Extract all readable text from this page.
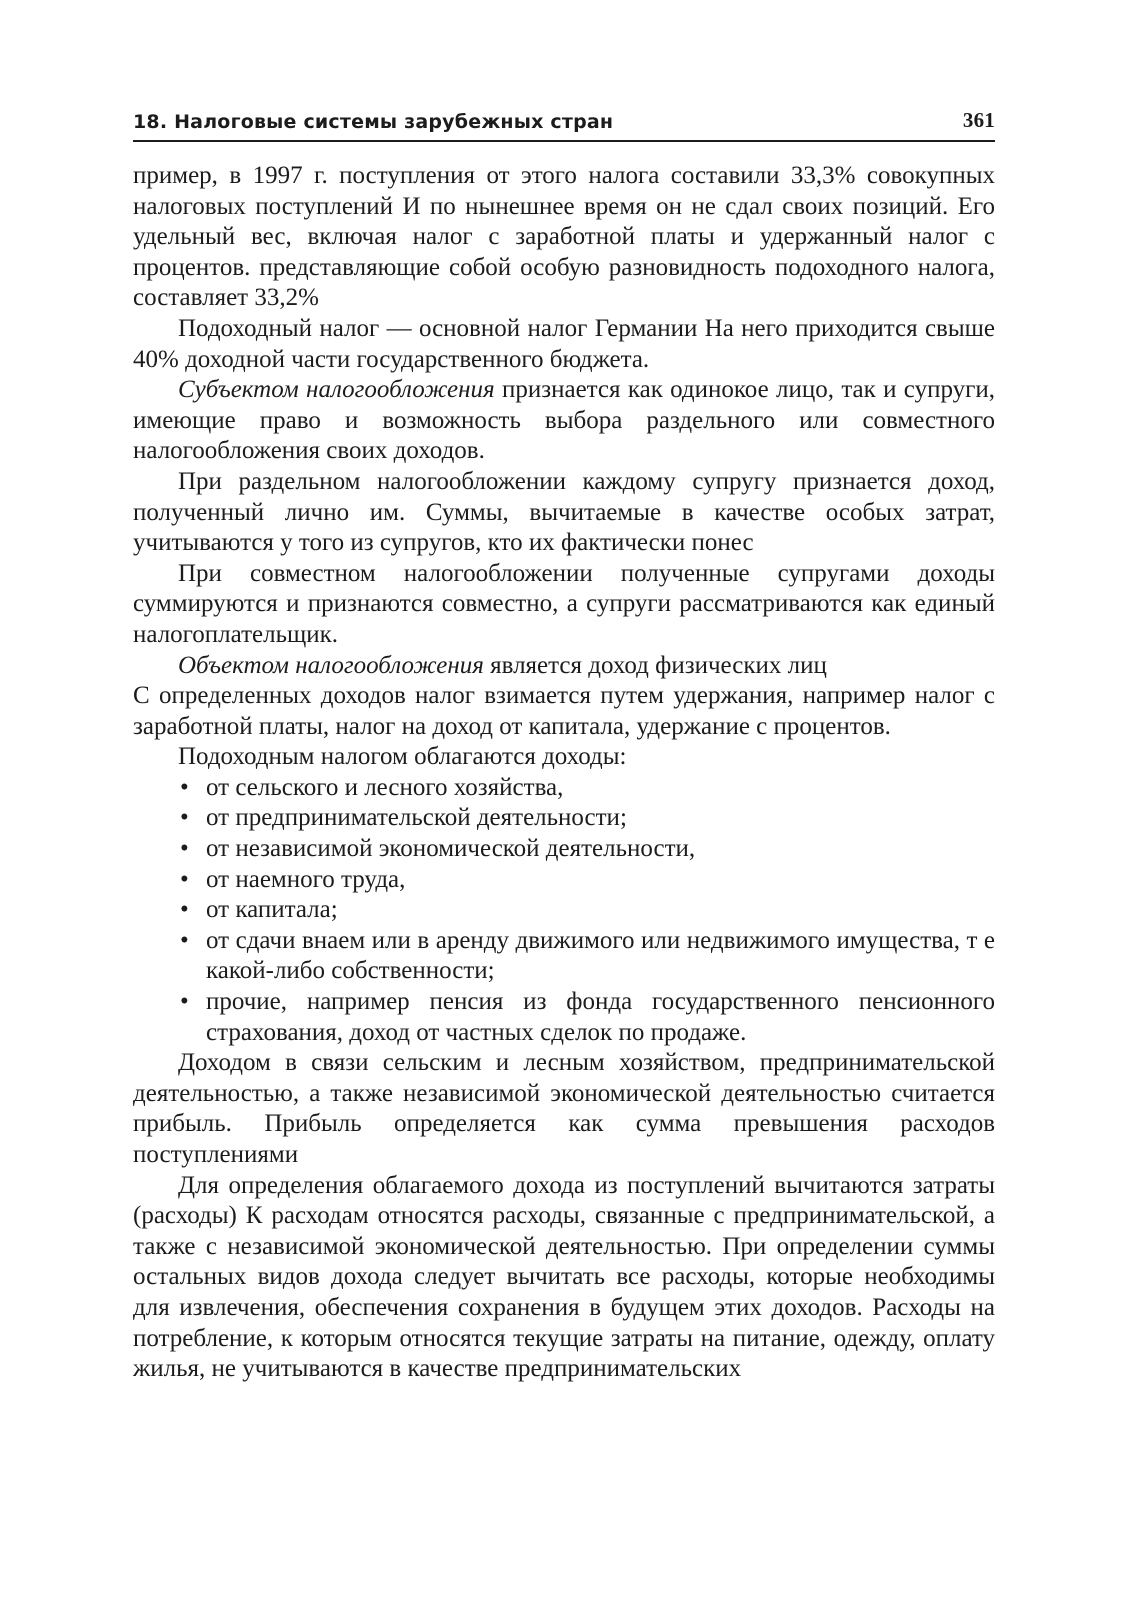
18. Налоговые системы зарубежных стран	361

пример, в 1997 г. поступления от этого налога составили 33,3% совокупных налоговых поступлений И по нынешнее время он не сдал своих позиций. Его удельный вес, включая налог с заработной платы и удержанный налог с процентов. представляющие собой особую разновидность подоходного налога, составляет 33,2%

Подоходный налог — основной налог Германии На него приходится свыше 40% доходной части государственного бюджета.

Субъектом налогообложения признается как одинокое лицо, так и супруги, имеющие право и возможность выбора раздельного или совместного налогообложения своих доходов.

При раздельном налогообложении каждому супругу признается доход, полученный лично им. Суммы, вычитаемые в качестве особых затрат, учитываются у того из супругов, кто их фактически понес

При совместном налогообложении полученные супругами доходы суммируются и признаются совместно, а супруги рассматриваются как единый налогоплательщик.

Объектом налогообложения является доход физических лиц

С определенных доходов налог взимается путем удержания, например налог с заработной платы, налог на доход от капитала, удержание с процентов.

Подоходным налогом облагаются доходы:

• от сельского и лесного хозяйства,
• от предпринимательской деятельности;
• от независимой экономической деятельности,
• от наемного труда,
• от капитала;
• от сдачи внаем или в аренду движимого или недвижимого имущества, т е какой-либо собственности;
• прочие, например пенсия из фонда государственного пенсионного страхования, доход от частных сделок по продаже.

Доходом в связи сельским и лесным хозяйством, предпринимательской деятельностью, а также независимой экономической деятельностью считается прибыль. Прибыль определяется как сумма превышения расходов поступлениями

Для определения облагаемого дохода из поступлений вычитаются затраты (расходы) К расходам относятся расходы, связанные с предпринимательской, а также с независимой экономической деятельностью. При определении суммы остальных видов дохода следует вычитать все расходы, которые необходимы для извлечения, обеспечения сохранения в будущем этих доходов. Расходы на потребление, к которым относятся текущие затраты на питание, одежду, оплату жилья, не учитываются в качестве предпринимательских
